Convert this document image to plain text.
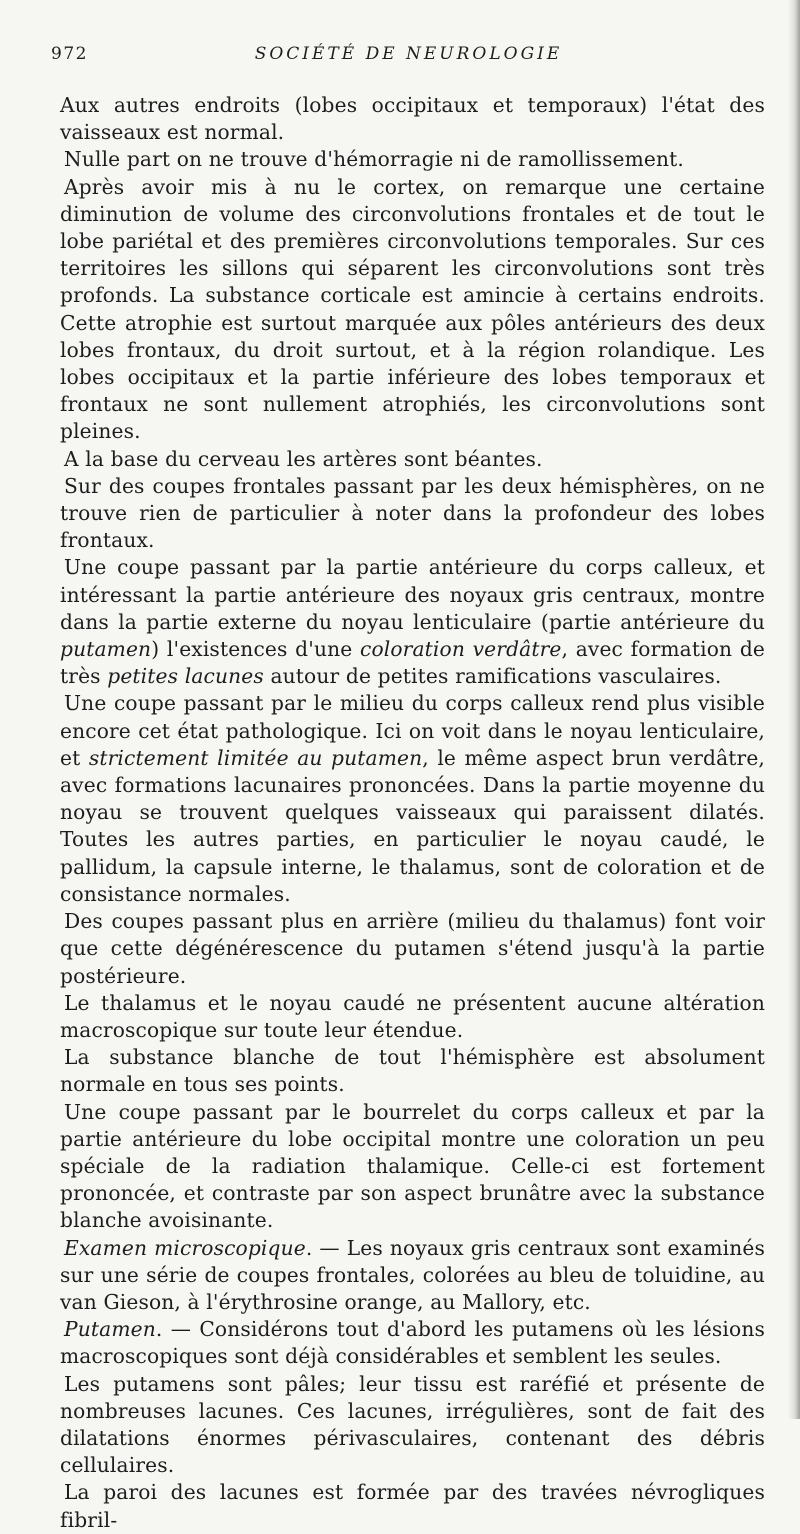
972	SOCIÉTÉ DE NEUROLOGIE

Aux autres endroits (lobes occipitaux et temporaux) l'état des vaisseaux est normal.

Nulle part on ne trouve d'hémorragie ni de ramollissement.

Après avoir mis à nu le cortex, on remarque une certaine diminution de volume des circonvolutions frontales et de tout le lobe pariétal et des premières circonvolutions temporales. Sur ces territoires les sillons qui séparent les circonvolutions sont très profonds. La substance corticale est amincie à certains endroits. Cette atrophie est surtout marquée aux pôles antérieurs des deux lobes frontaux, du droit surtout, et à la région rolandique. Les lobes occipitaux et la partie inférieure des lobes temporaux et frontaux ne sont nullement atrophiés, les circonvolutions sont pleines.

A la base du cerveau les artères sont béantes.

Sur des coupes frontales passant par les deux hémisphères, on ne trouve rien de particulier à noter dans la profondeur des lobes frontaux.

Une coupe passant par la partie antérieure du corps calleux, et intéressant la partie antérieure des noyaux gris centraux, montre dans la partie externe du noyau lenticulaire (partie antérieure du putamen) l'existences d'une coloration verdâtre, avec formation de très petites lacunes autour de petites ramifications vasculaires.

Une coupe passant par le milieu du corps calleux rend plus visible encore cet état pathologique. Ici on voit dans le noyau lenticulaire, et strictement limitée au putamen, le même aspect brun verdâtre, avec formations lacunaires prononcées. Dans la partie moyenne du noyau se trouvent quelques vaisseaux qui paraissent dilatés. Toutes les autres parties, en particulier le noyau caudé, le pallidum, la capsule interne, le thalamus, sont de coloration et de consistance normales.

Des coupes passant plus en arrière (milieu du thalamus) font voir que cette dégénérescence du putamen s'étend jusqu'à la partie postérieure.

Le thalamus et le noyau caudé ne présentent aucune altération macroscopique sur toute leur étendue.

La substance blanche de tout l'hémisphère est absolument normale en tous ses points.

Une coupe passant par le bourrelet du corps calleux et par la partie antérieure du lobe occipital montre une coloration un peu spéciale de la radiation thalamique. Celle-ci est fortement prononcée, et contraste par son aspect brunâtre avec la substance blanche avoisinante.

Examen microscopique. — Les noyaux gris centraux sont examinés sur une série de coupes frontales, colorées au bleu de toluidine, au van Gieson, à l'érythrosine orange, au Mallory, etc.

Putamen. — Considérons tout d'abord les putamens où les lésions macroscopiques sont déjà considérables et semblent les seules.

Les putamens sont pâles; leur tissu est raréfié et présente de nombreuses lacunes. Ces lacunes, irrégulières, sont de fait des dilatations énormes périvasculaires, contenant des débris cellulaires.

La paroi des lacunes est formée par des travées névrogliques fibril-
